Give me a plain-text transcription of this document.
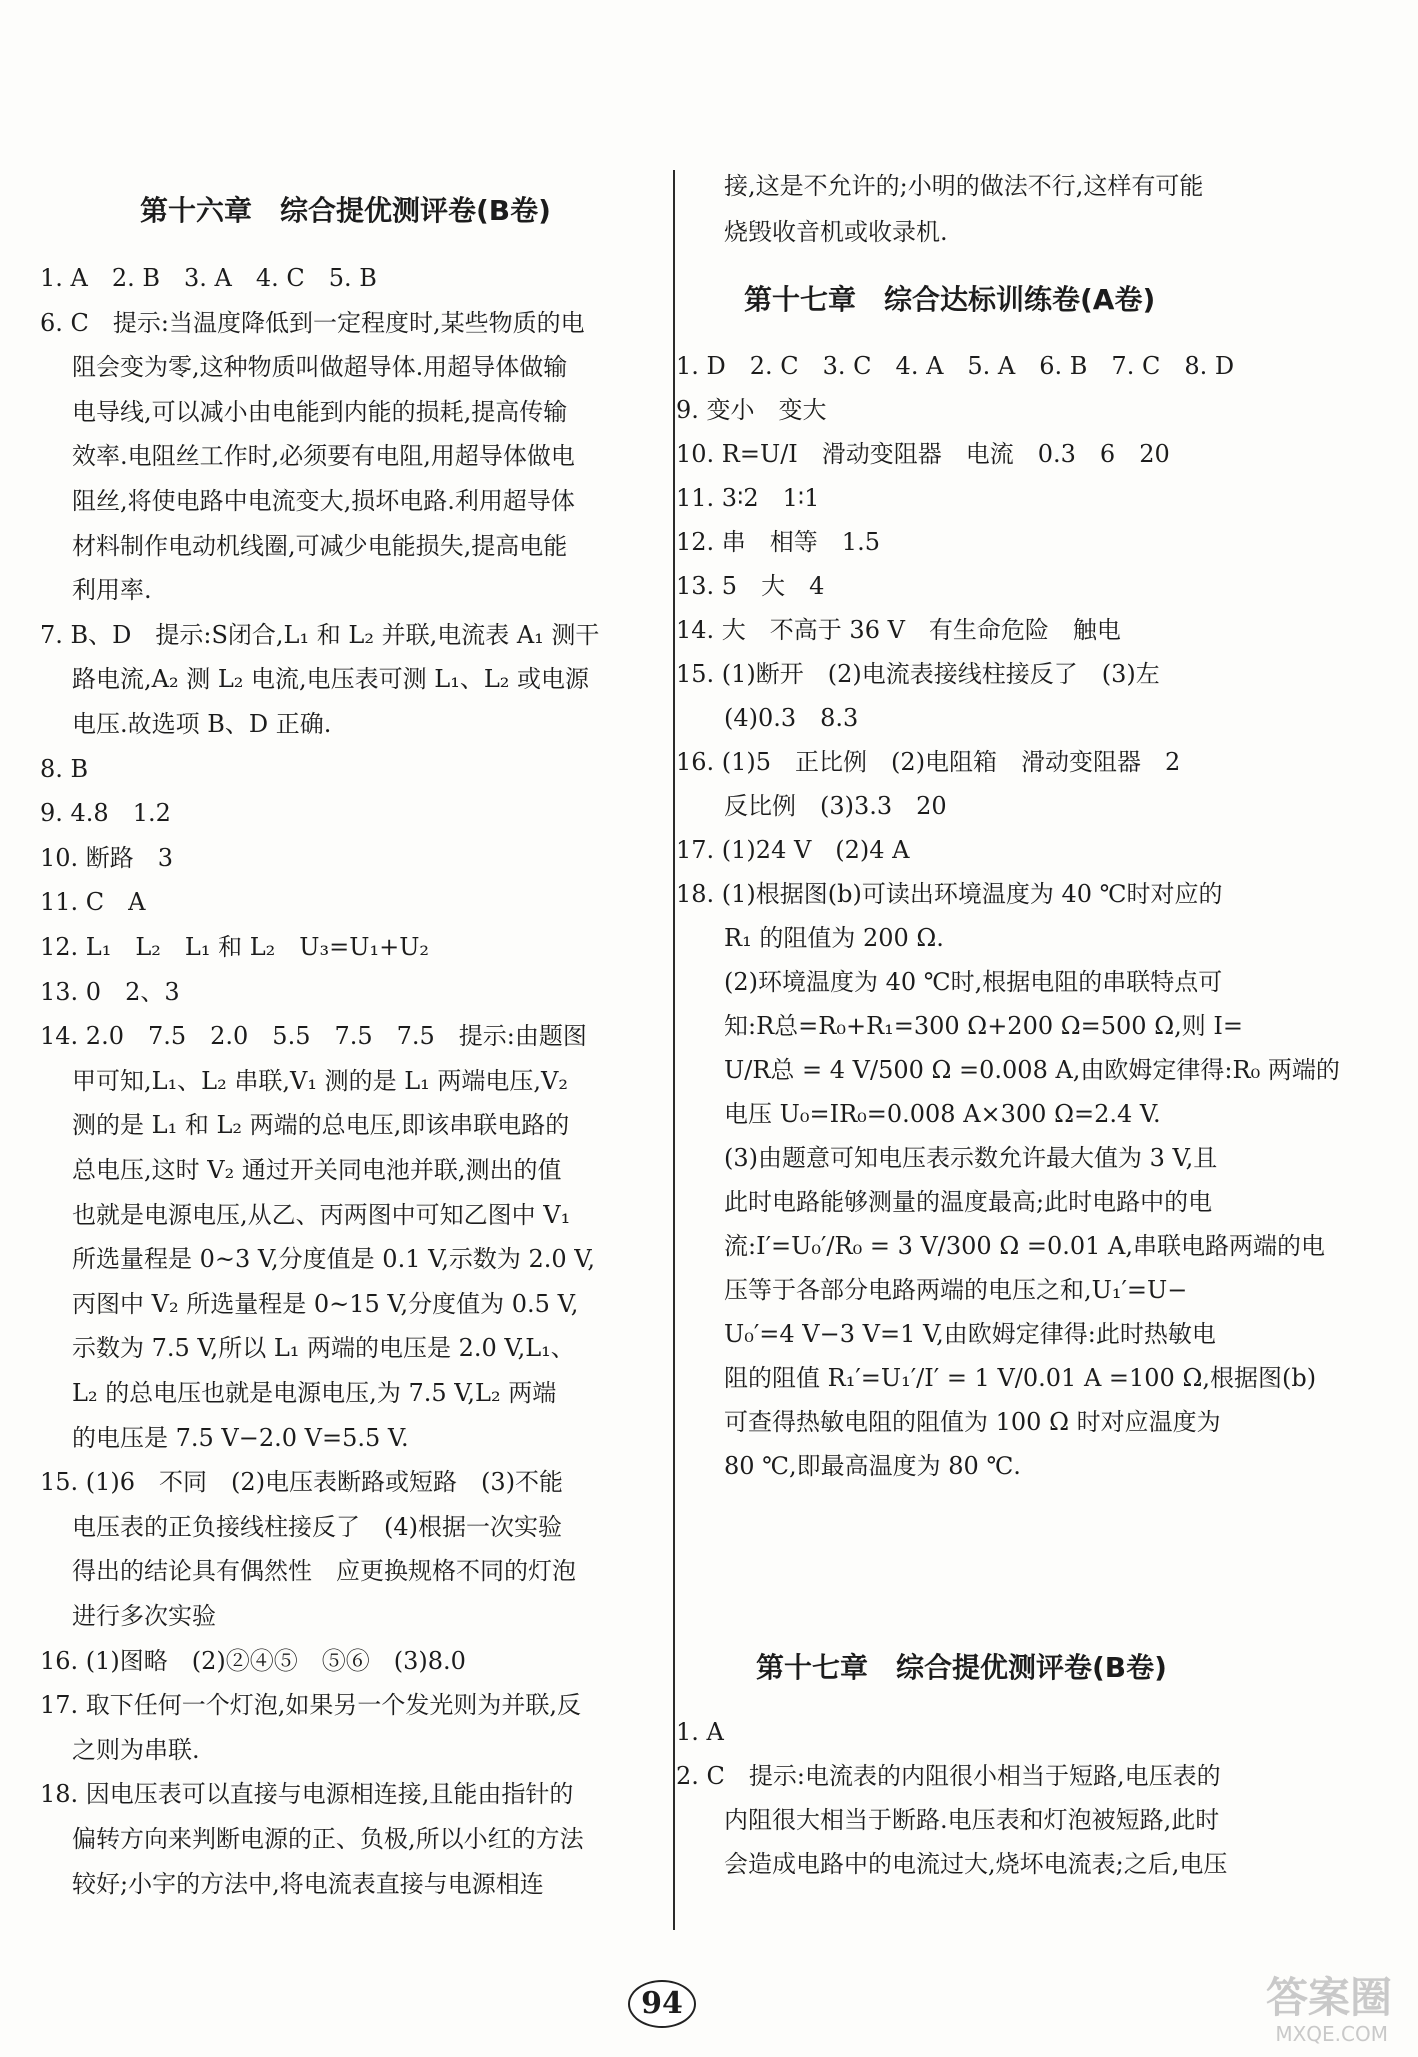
第十六章　综合提优测评卷(B卷)
1. A　2. B　3. A　4. C　5. B
6. C　提示:当温度降低到一定程度时,某些物质的电
阻会变为零,这种物质叫做超导体.用超导体做输
电导线,可以减小由电能到内能的损耗,提高传输
效率.电阻丝工作时,必须要有电阻,用超导体做电
阻丝,将使电路中电流变大,损坏电路.利用超导体
材料制作电动机线圈,可减少电能损失,提高电能
利用率.
7. B、D　提示:S闭合,L₁ 和 L₂ 并联,电流表 A₁ 测干
路电流,A₂ 测 L₂ 电流,电压表可测 L₁、L₂ 或电源
电压.故选项 B、D 正确.
8. B
9. 4.8　1.2
10. 断路　3
11. C　A
12. L₁　L₂　L₁ 和 L₂　U₃=U₁+U₂
13. 0　2、3
14. 2.0　7.5　2.0　5.5　7.5　7.5　提示:由题图
甲可知,L₁、L₂ 串联,V₁ 测的是 L₁ 两端电压,V₂
测的是 L₁ 和 L₂ 两端的总电压,即该串联电路的
总电压,这时 V₂ 通过开关同电池并联,测出的值
也就是电源电压,从乙、丙两图中可知乙图中 V₁
所选量程是 0~3 V,分度值是 0.1 V,示数为 2.0 V,
丙图中 V₂ 所选量程是 0~15 V,分度值为 0.5 V,
示数为 7.5 V,所以 L₁ 两端的电压是 2.0 V,L₁、
L₂ 的总电压也就是电源电压,为 7.5 V,L₂ 两端
的电压是 7.5 V−2.0 V=5.5 V.
15. (1)6　不同　(2)电压表断路或短路　(3)不能
电压表的正负接线柱接反了　(4)根据一次实验
得出的结论具有偶然性　应更换规格不同的灯泡
进行多次实验
16. (1)图略　(2)②④⑤　⑤⑥　(3)8.0
17. 取下任何一个灯泡,如果另一个发光则为并联,反
之则为串联.
18. 因电压表可以直接与电源相连接,且能由指针的
偏转方向来判断电源的正、负极,所以小红的方法
较好;小宇的方法中,将电流表直接与电源相连
接,这是不允许的;小明的做法不行,这样有可能
烧毁收音机或收录机.
第十七章　综合达标训练卷(A卷)
1. D　2. C　3. C　4. A　5. A　6. B　7. C　8. D
9. 变小　变大
10. R=U/I　滑动变阻器　电流　0.3　6　20
11. 3∶2　1∶1
12. 串　相等　1.5
13. 5　大　4
14. 大　不高于 36 V　有生命危险　触电
15. (1)断开　(2)电流表接线柱接反了　(3)左
(4)0.3　8.3
16. (1)5　正比例　(2)电阻箱　滑动变阻器　2
反比例　(3)3.3　20
17. (1)24 V　(2)4 A
18. (1)根据图(b)可读出环境温度为 40 ℃时对应的
R₁ 的阻值为 200 Ω.
(2)环境温度为 40 ℃时,根据电阻的串联特点可
知:R总=R₀+R₁=300 Ω+200 Ω=500 Ω,则 I=
U/R总 = 4 V/500 Ω =0.008 A,由欧姆定律得:R₀ 两端的
电压 U₀=IR₀=0.008 A×300 Ω=2.4 V.
(3)由题意可知电压表示数允许最大值为 3 V,且
此时电路能够测量的温度最高;此时电路中的电
流:I′=U₀′/R₀ = 3 V/300 Ω =0.01 A,串联电路两端的电
压等于各部分电路两端的电压之和,U₁′=U−
U₀′=4 V−3 V=1 V,由欧姆定律得:此时热敏电
阻的阻值 R₁′=U₁′/I′ = 1 V/0.01 A =100 Ω,根据图(b)
可查得热敏电阻的阻值为 100 Ω 时对应温度为
80 ℃,即最高温度为 80 ℃.
第十七章　综合提优测评卷(B卷)
1. A
2. C　提示:电流表的内阻很小相当于短路,电压表的
内阻很大相当于断路.电压表和灯泡被短路,此时
会造成电路中的电流过大,烧坏电流表;之后,电压
94	答案圈
MXQE.COM
